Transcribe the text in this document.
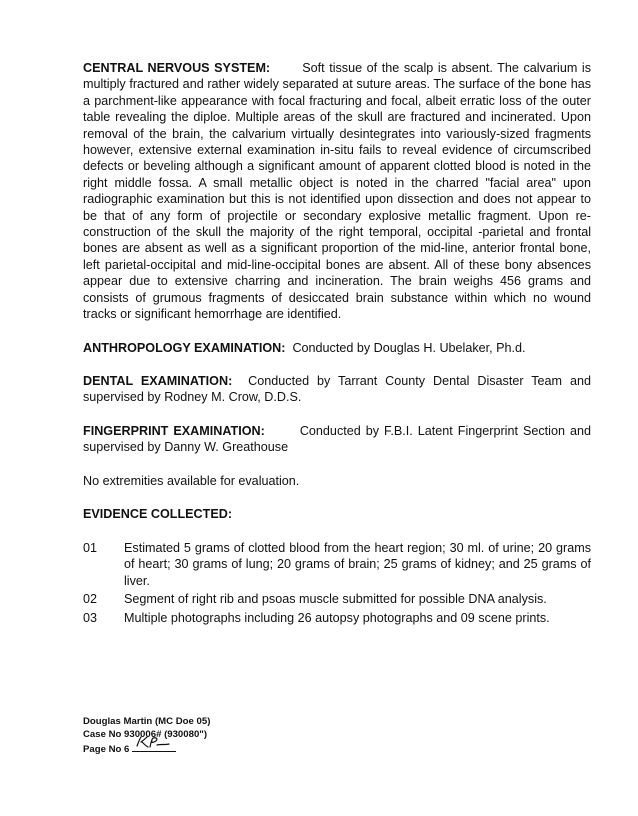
CENTRAL NERVOUS SYSTEM:	Soft tissue of the scalp is absent. The calvarium is multiply fractured and rather widely separated at suture areas. The surface of the bone has a parchment-like appearance with focal fracturing and focal, albeit erratic loss of the outer table revealing the diploe. Multiple areas of the skull are fractured and incinerated. Upon removal of the brain, the calvarium virtually desintegrates into variously-sized fragments however, extensive external examination in-situ fails to reveal evidence of circumscribed defects or beveling although a significant amount of apparent clotted blood is noted in the right middle fossa. A small metallic object is noted in the charred "facial area" upon radiographic examination but this is not identified upon dissection and does not appear to be that of any form of projectile or secondary explosive metallic fragment. Upon re-construction of the skull the majority of the right temporal, occipital -parietal and frontal bones are absent as well as a significant proportion of the mid-line, anterior frontal bone, left parietal-occipital and mid-line-occipital bones are absent. All of these bony absences appear due to extensive charring and incineration. The brain weighs 456 grams and consists of grumous fragments of desiccated brain substance within which no wound tracks or significant hemorrhage are identified.

ANTHROPOLOGY EXAMINATION: Conducted by Douglas H. Ubelaker, Ph.d.

DENTAL EXAMINATION: Conducted by Tarrant County Dental Disaster Team and supervised by Rodney M. Crow, D.D.S.

FINGERPRINT EXAMINATION:	Conducted by F.B.I. Latent Fingerprint Section and supervised by Danny W. Greathouse

No extremities available for evaluation.

EVIDENCE COLLECTED:
01	Estimated 5 grams of clotted blood from the heart region; 30 ml. of urine; 20 grams of heart; 30 grams of lung; 20 grams of brain; 25 grams of kidney; and 25 grams of liver.
02	Segment of right rib and psoas muscle submitted for possible DNA analysis.
03	Multiple photographs including 26 autopsy photographs and 09 scene prints.
Douglas Martin (MC Doe 05)
Case No 930006# (930080")
Page No 6
